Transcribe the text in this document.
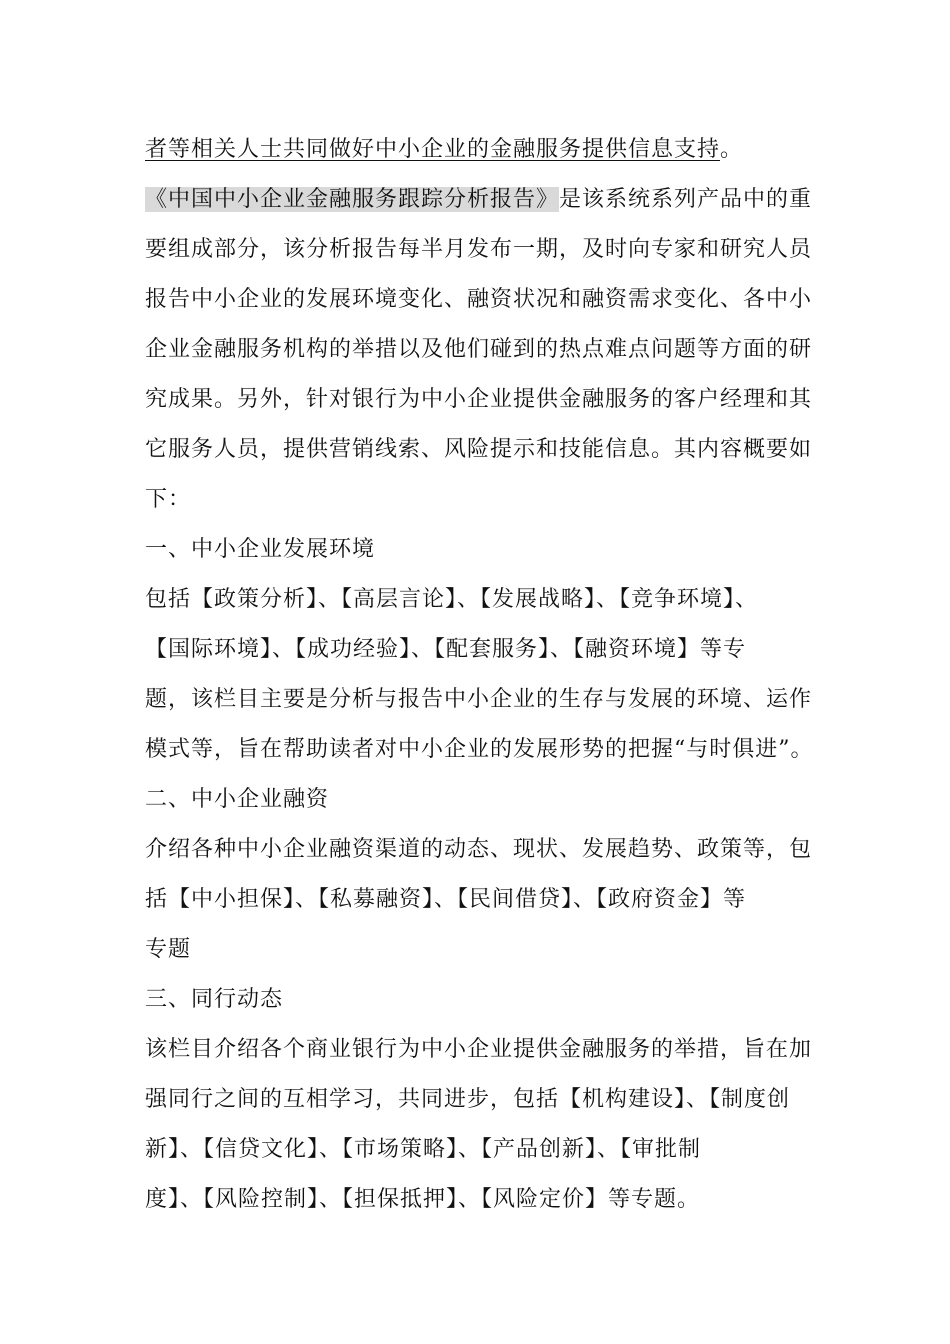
者等相关人士共同做好中小企业的金融服务提供信息支持。
《中国中小企业金融服务跟踪分析报告》是该系统系列产品中的重
要组成部分，该分析报告每半月发布一期，及时向专家和研究人员
报告中小企业的发展环境变化、融资状况和融资需求变化、各中小
企业金融服务机构的举措以及他们碰到的热点难点问题等方面的研
究成果。另外，针对银行为中小企业提供金融服务的客户经理和其
它服务人员，提供营销线索、风险提示和技能信息。其内容概要如
下：
一、中小企业发展环境
包括【政策分析】、【高层言论】、【发展战略】、【竞争环境】、
【国际环境】、【成功经验】、【配套服务】、【融资环境】等专
题，该栏目主要是分析与报告中小企业的生存与发展的环境、运作
模式等，旨在帮助读者对中小企业的发展形势的把握“与时俱进”。
二、中小企业融资
介绍各种中小企业融资渠道的动态、现状、发展趋势、政策等，包
括【中小担保】、【私募融资】、【民间借贷】、【政府资金】等
专题
三、同行动态
该栏目介绍各个商业银行为中小企业提供金融服务的举措，旨在加
强同行之间的互相学习，共同进步，包括【机构建设】、【制度创
新】、【信贷文化】、【市场策略】、【产品创新】、【审批制
度】、【风险控制】、【担保抵押】、【风险定价】等专题。
